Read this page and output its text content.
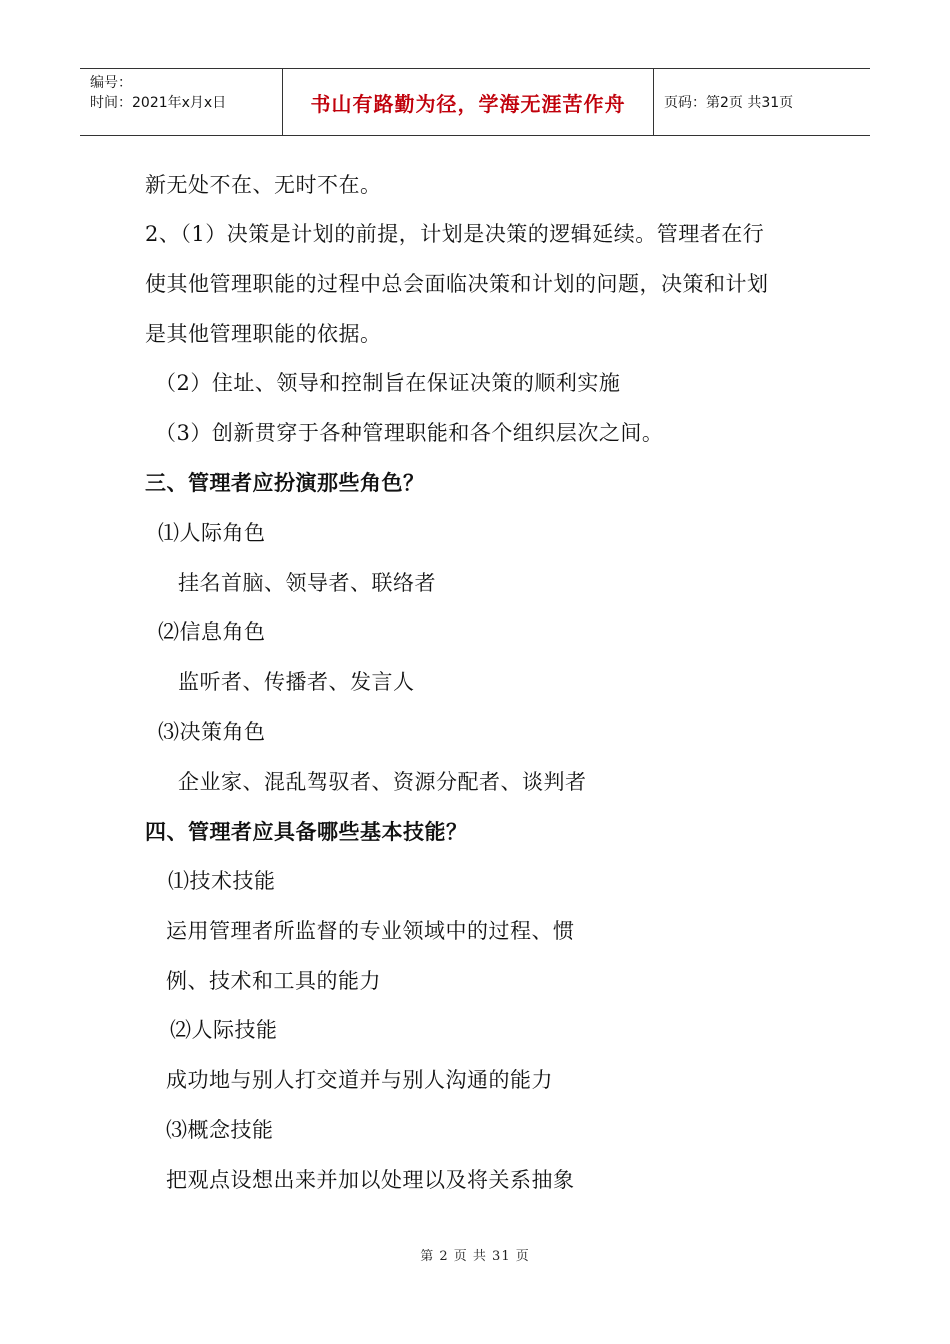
编号：
时间：2021年x月x日	书山有路勤为径，学海无涯苦作舟	页码：第2页 共31页
新无处不在、无时不在。
2、（1）决策是计划的前提，计划是决策的逻辑延续。管理者在行
使其他管理职能的过程中总会面临决策和计划的问题，决策和计划
是其他管理职能的依据。
（2）住址、领导和控制旨在保证决策的顺利实施
（3）创新贯穿于各种管理职能和各个组织层次之间。
三、管理者应扮演那些角色？
⑴人际角色
挂名首脑、领导者、联络者
⑵信息角色
监听者、传播者、发言人
⑶决策角色
企业家、混乱驾驭者、资源分配者、谈判者
四、管理者应具备哪些基本技能？
⑴技术技能
运用管理者所监督的专业领域中的过程、惯
例、技术和工具的能力
⑵人际技能
成功地与别人打交道并与别人沟通的能力
⑶概念技能
把观点设想出来并加以处理以及将关系抽象
第 2 页 共 31 页
